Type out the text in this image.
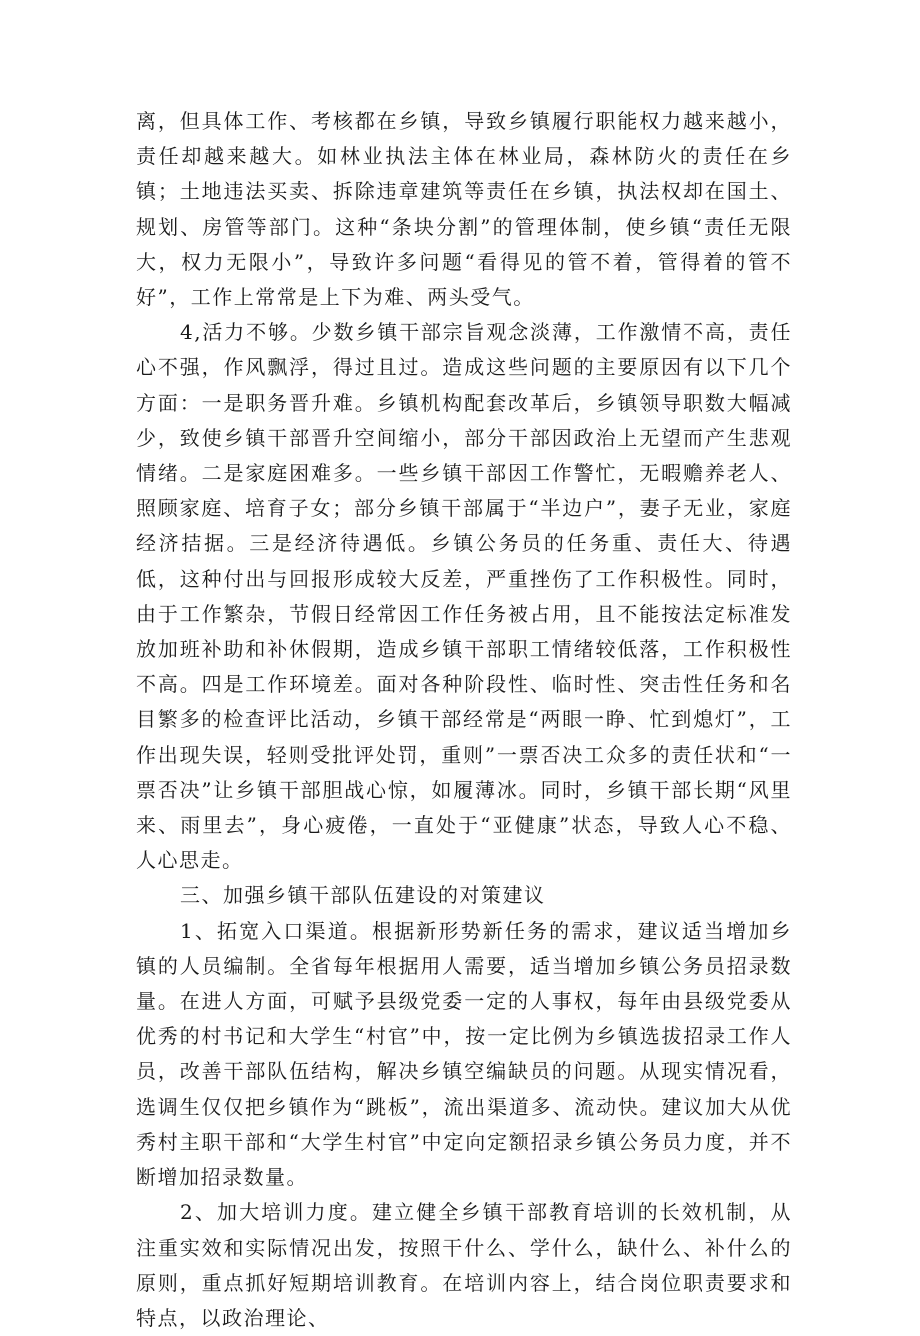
离，但具体工作、考核都在乡镇，导致乡镇履行职能权力越来越小，责任却越来越大。如林业执法主体在林业局，森林防火的责任在乡镇；土地违法买卖、拆除违章建筑等责任在乡镇，执法权却在国土、规划、房管等部门。这种“条块分割”的管理体制，使乡镇“责任无限大，权力无限小”，导致许多问题“看得见的管不着，管得着的管不好”，工作上常常是上下为难、两头受气。

4,活力不够。少数乡镇干部宗旨观念淡薄，工作激情不高，责任心不强，作风飘浮，得过且过。造成这些问题的主要原因有以下几个方面：一是职务晋升难。乡镇机构配套改革后，乡镇领导职数大幅减少，致使乡镇干部晋升空间缩小，部分干部因政治上无望而产生悲观情绪。二是家庭困难多。一些乡镇干部因工作警忙，无暇赡养老人、照顾家庭、培育子女；部分乡镇干部属于“半边户”，妻子无业，家庭经济拮据。三是经济待遇低。乡镇公务员的任务重、责任大、待遇低，这种付出与回报形成较大反差，严重挫伤了工作积极性。同时，由于工作繁杂，节假日经常因工作任务被占用，且不能按法定标准发放加班补助和补休假期，造成乡镇干部职工情绪较低落，工作积极性不高。四是工作环境差。面对各种阶段性、临时性、突击性任务和名目繁多的检查评比活动，乡镇干部经常是“两眼一睁、忙到熄灯”，工作出现失误，轻则受批评处罚，重则”一票否决工众多的责任状和“一票否决”让乡镇干部胆战心惊，如履薄冰。同时，乡镇干部长期“风里来、雨里去”，身心疲倦，一直处于“亚健康”状态，导致人心不稳、人心思走。

三、加强乡镇干部队伍建设的对策建议

1、拓宽入口渠道。根据新形势新任务的需求，建议适当增加乡镇的人员编制。全省每年根据用人需要，适当增加乡镇公务员招录数量。在进人方面，可赋予县级党委一定的人事权，每年由县级党委从优秀的村书记和大学生“村官”中，按一定比例为乡镇选拔招录工作人员，改善干部队伍结构，解决乡镇空编缺员的问题。从现实情况看，选调生仅仅把乡镇作为“跳板”，流出渠道多、流动快。建议加大从优秀村主职干部和“大学生村官”中定向定额招录乡镇公务员力度，并不断增加招录数量。

2、加大培训力度。建立健全乡镇干部教育培训的长效机制，从注重实效和实际情况出发，按照干什么、学什么，缺什么、补什么的原则，重点抓好短期培训教育。在培训内容上，结合岗位职责要求和特点，以政治理论、
